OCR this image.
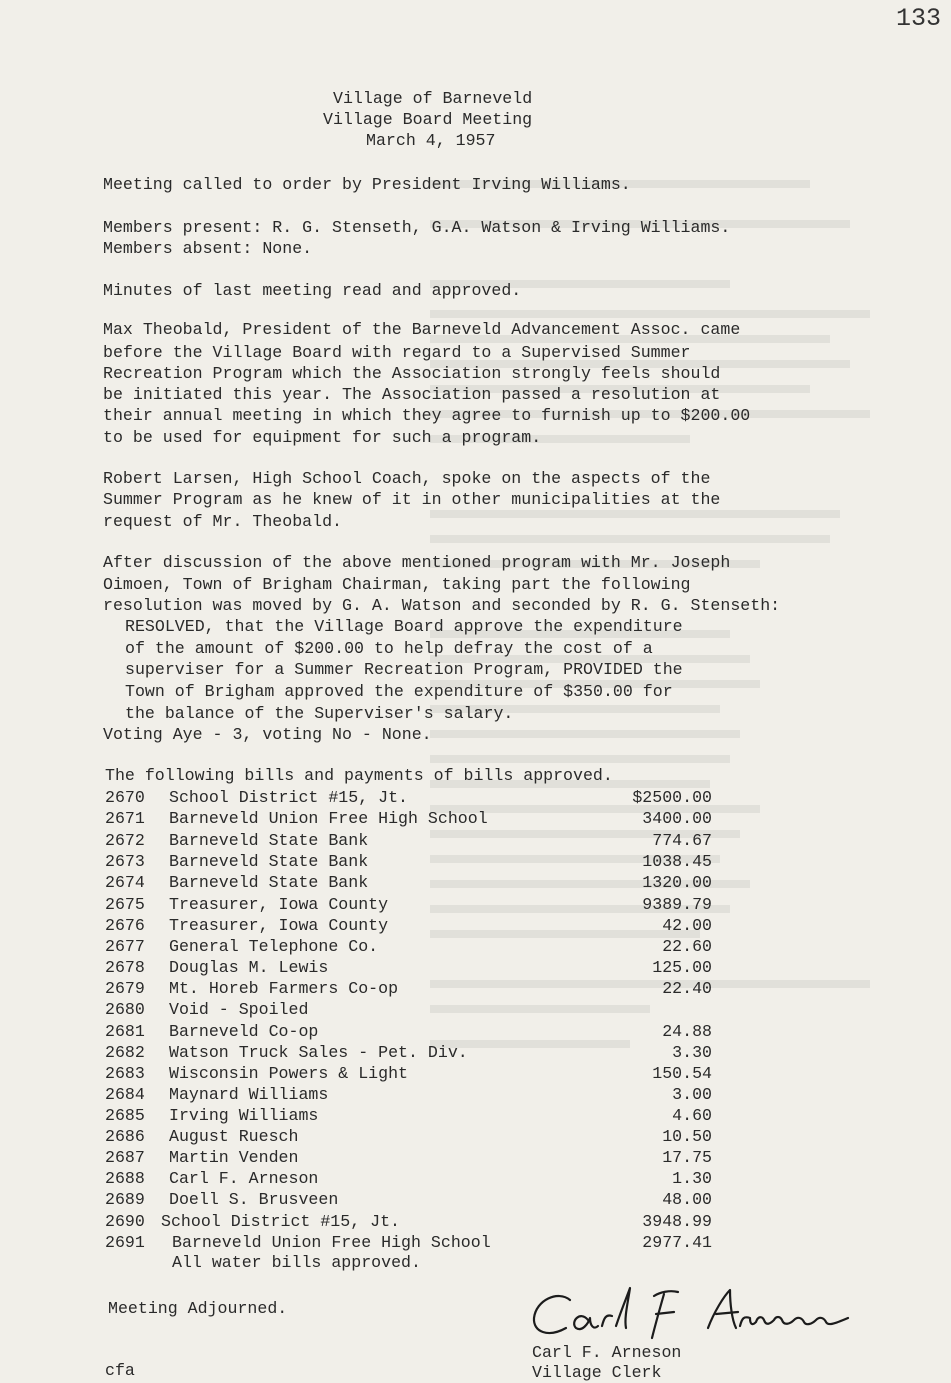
133
Village of Barneveld
Village Board Meeting
March 4, 1957
Meeting called to order by President Irving Williams.
Members present: R. G. Stenseth, G.A. Watson & Irving Williams.
Members absent: None.
Minutes of last meeting read and approved.
Max Theobald, President of the Barneveld Advancement Assoc. came
before the Village Board with regard to a Supervised Summer
Recreation Program which the Association strongly feels should
be initiated this year. The Association passed a resolution at
their annual meeting in which they agree to furnish up to $200.00
to be used for equipment for such a program.
Robert Larsen, High School Coach, spoke on the aspects of the
Summer Program as he knew of it in other municipalities at the
request of Mr. Theobald.
After discussion of the above mentioned program with Mr. Joseph
Oimoen, Town of Brigham Chairman, taking part the following
resolution was moved by G. A. Watson and seconded by R. G. Stenseth:
RESOLVED, that the Village Board approve the expenditure
of the amount of $200.00 to help defray the cost of a
superviser for a Summer Recreation Program, PROVIDED the
Town of Brigham approved the expenditure of $350.00 for
the balance of the Superviser's salary.
Voting Aye - 3, voting No - None.
The following bills and payments of bills approved.
2670 School District #15, Jt.	$2500.00
2671 Barneveld Union Free High School	3400.00
2672 Barneveld State Bank	774.67
2673 Barneveld State Bank	1038.45
2674 Barneveld State Bank	1320.00
2675 Treasurer, Iowa County	9389.79
2676 Treasurer, Iowa County	42.00
2677 General Telephone Co.	22.60
2678 Douglas M. Lewis	125.00
2679 Mt. Horeb Farmers Co-op	22.40
2680 Void - Spoiled
2681 Barneveld Co-op	24.88
2682 Watson Truck Sales - Pet. Div.	3.30
2683 Wisconsin Powers & Light	150.54
2684 Maynard Williams	3.00
2685 Irving Williams	4.60
2686 August Ruesch	10.50
2687 Martin Venden	17.75
2688 Carl F. Arneson	1.30
2689 Doell S. Brusveen	48.00
2690 School District #15, Jt.	3948.99
2691 Barneveld Union Free High School	2977.41
All water bills approved.
Meeting Adjourned.
Carl F. Arneson
Village Clerk
cfa
